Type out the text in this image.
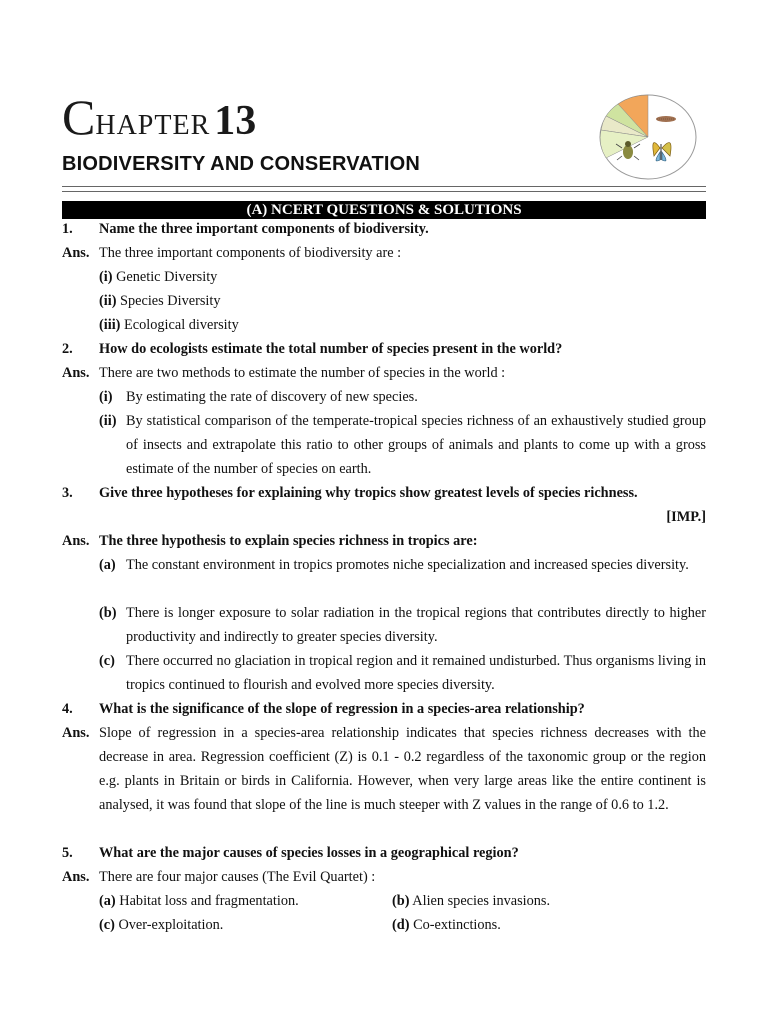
CHAPTER 13
BIODIVERSITY AND CONSERVATION
(A) NCERT QUESTIONS & SOLUTIONS
1. Name the three important components of biodiversity.
Ans. The three important components of biodiversity are :
(i) Genetic Diversity
(ii) Species Diversity
(iii) Ecological diversity
2. How do ecologists estimate the total number of species present in the world?
Ans. There are two methods to estimate the number of species in the world :
(i) By estimating the rate of discovery of new species.
(ii) By statistical comparison of the temperate-tropical species richness of an exhaustively studied group of insects and extrapolate this ratio to other groups of animals and plants to come up with a gross estimate of the number of species on earth.
3. Give three hypotheses for explaining why tropics show greatest levels of species richness.
[IMP.]
Ans. The three hypothesis to explain species richness in tropics are:
(a) The constant environment in tropics promotes niche specialization and increased species diversity.
(b) There is longer exposure to solar radiation in the tropical regions that contributes directly to higher productivity and indirectly to greater species diversity.
(c) There occurred no glaciation in tropical region and it remained undisturbed. Thus organisms living in tropics continued to flourish and evolved more species diversity.
4. What is the significance of the slope of regression in a species-area relationship?
Ans. Slope of regression in a species-area relationship indicates that species richness decreases with the decrease in area. Regression coefficient (Z) is 0.1 - 0.2 regardless of the taxonomic group or the region e.g. plants in Britain or birds in California. However, when very large areas like the entire continent is analysed, it was found that slope of the line is much steeper with Z values in the range of 0.6 to 1.2.
5. What are the major causes of species losses in a geographical region?
Ans. There are four major causes (The Evil Quartet) :
(a) Habitat loss and fragmentation.	(b) Alien species invasions.
(c) Over-exploitation.	(d) Co-extinctions.
